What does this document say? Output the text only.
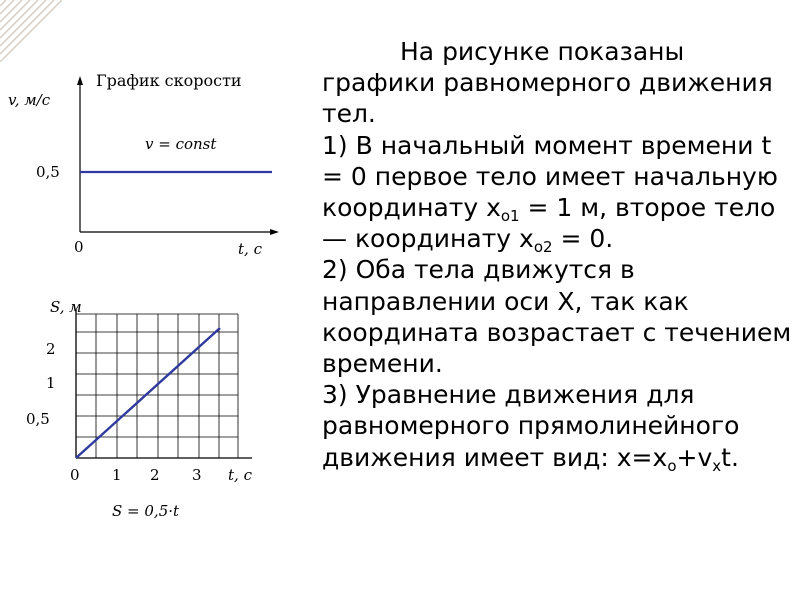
График скорости
v, м/с
v = const
0,5
0	t, с
S, м
2
1
0,5
0 1 2 3 t, с
S = 0,5·t

На рисунке показаны графики равномерного движения тел.

1) В начальный момент времени t = 0 первое тело имеет начальную координату $x_{o1} = 1$ м, второе тело — координату $x_{o2} = 0$.

2) Оба тела движутся в направлении оси Х, так как координата возрастает с течением времени.

3) Уравнение движения для равномерного прямолинейного движения имеет вид: $x=x_o+v_xt$.
